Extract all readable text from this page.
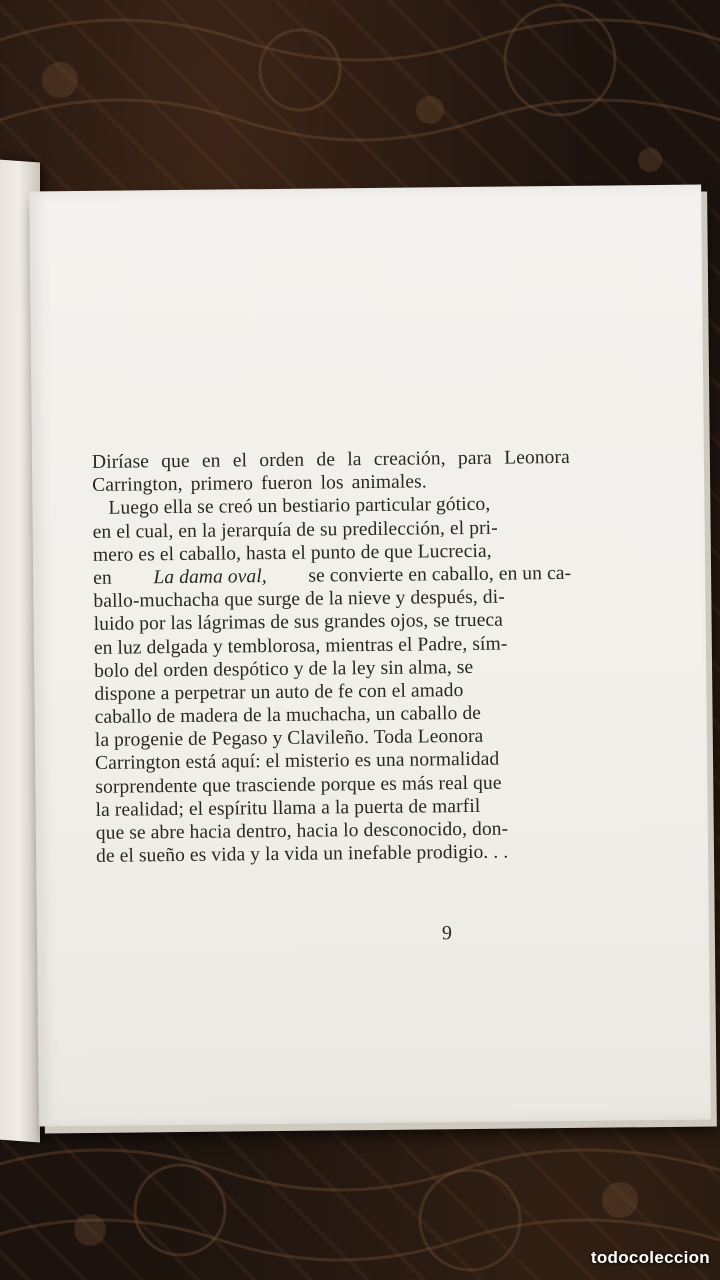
Diríase que en el orden de la creación, para Leonora
Carrington, primero fueron los animales.
Luego ella se creó un bestiario particular gótico,
en el cual, en la jerarquía de su predilección, el pri-
mero es el caballo, hasta el punto de que Lucrecia,
en La dama oval, se convierte en caballo, en un ca-
ballo-muchacha que surge de la nieve y después, di-
luido por las lágrimas de sus grandes ojos, se trueca
en luz delgada y temblorosa, mientras el Padre, sím-
bolo del orden despótico y de la ley sin alma, se
dispone a perpetrar un auto de fe con el amado
caballo de madera de la muchacha, un caballo de
la progenie de Pegaso y Clavileño. Toda Leonora
Carrington está aquí: el misterio es una normalidad
sorprendente que trasciende porque es más real que
la realidad; el espíritu llama a la puerta de marfil
que se abre hacia dentro, hacia lo desconocido, don-
de el sueño es vida y la vida un inefable prodigio. . .
9
todocoleccion
